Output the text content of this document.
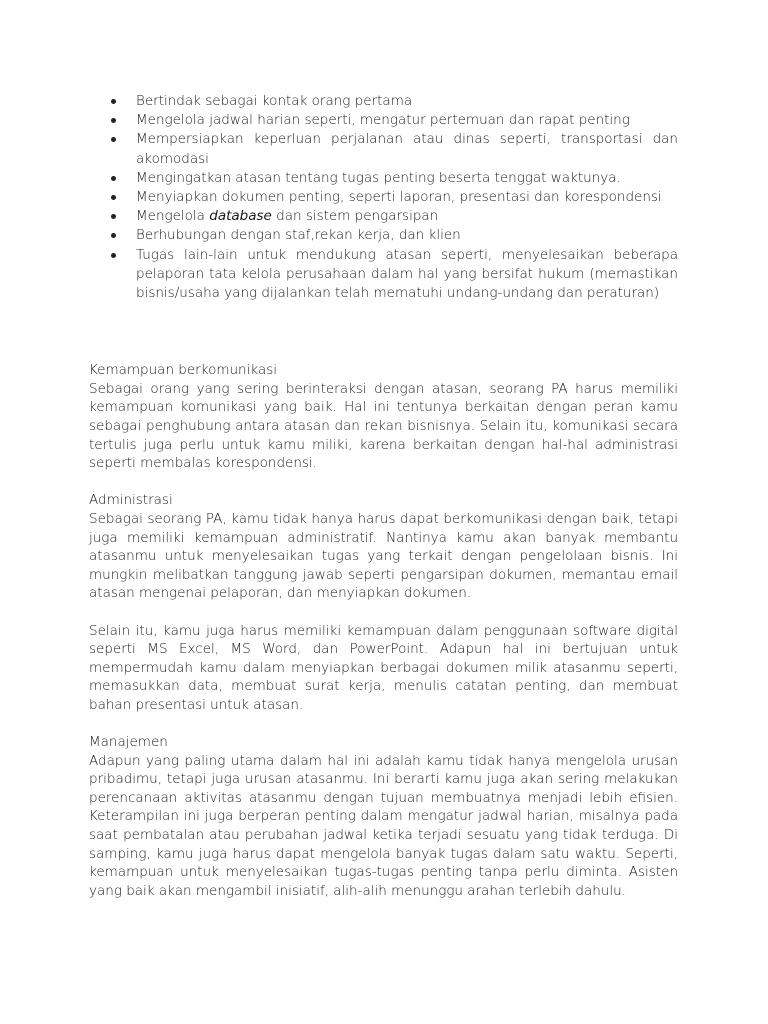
Bertindak sebagai kontak orang pertama
Mengelola jadwal harian seperti, mengatur pertemuan dan rapat penting
Mempersiapkan keperluan perjalanan atau dinas seperti, transportasi dan akomodasi
Mengingatkan atasan tentang tugas penting beserta tenggat waktunya.
Menyiapkan dokumen penting, seperti laporan, presentasi dan korespondensi
Mengelola database dan sistem pengarsipan
Berhubungan dengan staf,rekan kerja, dan klien
Tugas lain-lain untuk mendukung atasan seperti, menyelesaikan beberapa pelaporan tata kelola perusahaan dalam hal yang bersifat hukum (memastikan bisnis/usaha yang dijalankan telah mematuhi undang-undang dan peraturan)

Kemampuan berkomunikasi

Sebagai orang yang sering berinteraksi dengan atasan, seorang PA harus memiliki kemampuan komunikasi yang baik. Hal ini tentunya berkaitan dengan peran kamu sebagai penghubung antara atasan dan rekan bisnisnya. Selain itu, komunikasi secara tertulis juga perlu untuk kamu miliki, karena berkaitan dengan hal-hal administrasi seperti membalas korespondensi.

Administrasi

Sebagai seorang PA, kamu tidak hanya harus dapat berkomunikasi dengan baik, tetapi juga memiliki kemampuan administratif. Nantinya kamu akan banyak membantu atasanmu untuk menyelesaikan tugas yang terkait dengan pengelolaan bisnis. Ini mungkin melibatkan tanggung jawab seperti pengarsipan dokumen, memantau email atasan mengenai pelaporan, dan menyiapkan dokumen.

Selain itu, kamu juga harus memiliki kemampuan dalam penggunaan software digital seperti MS Excel, MS Word, dan PowerPoint. Adapun hal ini bertujuan untuk mempermudah kamu dalam menyiapkan berbagai dokumen milik atasanmu seperti, memasukkan data, membuat surat kerja, menulis catatan penting, dan membuat bahan presentasi untuk atasan.

Manajemen

Adapun yang paling utama dalam hal ini adalah kamu tidak hanya mengelola urusan pribadimu, tetapi juga urusan atasanmu. Ini berarti kamu juga akan sering melakukan perencanaan aktivitas atasanmu dengan tujuan membuatnya menjadi lebih efisien. Keterampilan ini juga berperan penting dalam mengatur jadwal harian, misalnya pada saat pembatalan atau perubahan jadwal ketika terjadi sesuatu yang tidak terduga. Di samping, kamu juga harus dapat mengelola banyak tugas dalam satu waktu. Seperti, kemampuan untuk menyelesaikan tugas-tugas penting tanpa perlu diminta. Asisten yang baik akan mengambil inisiatif, alih-alih menunggu arahan terlebih dahulu.
